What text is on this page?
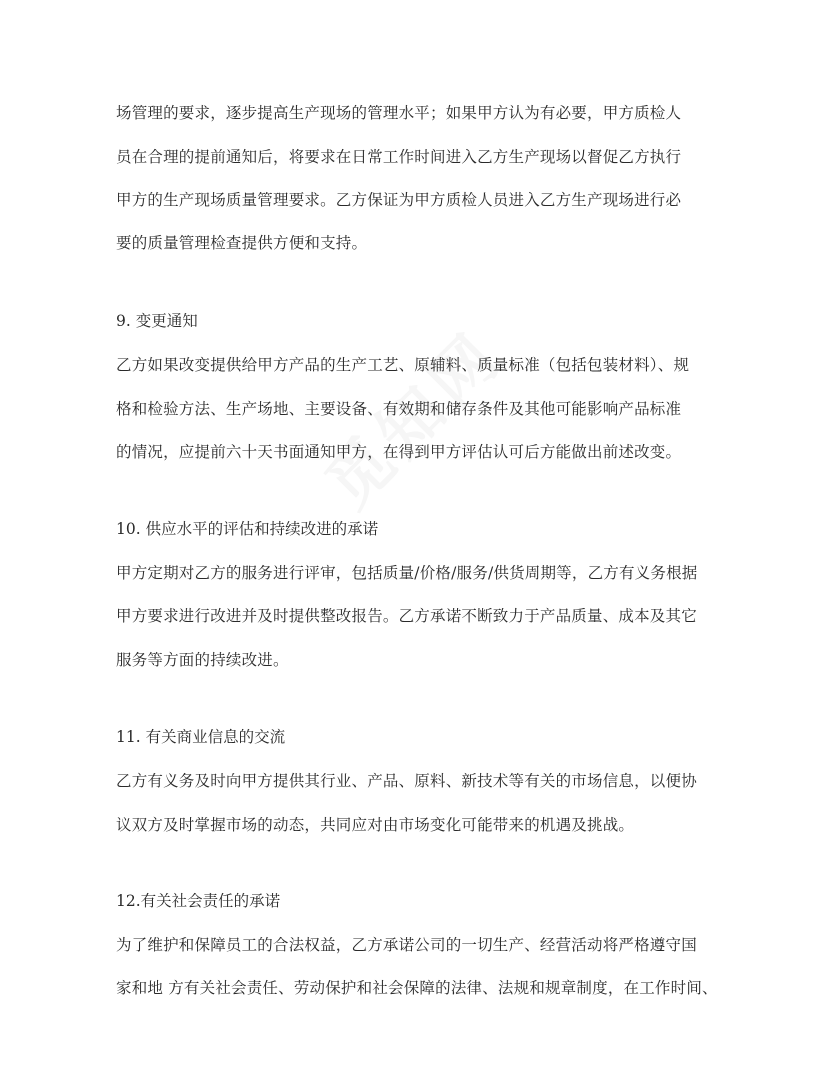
场管理的要求，逐步提高生产现场的管理水平；如果甲方认为有必要，甲方质检人
员在合理的提前通知后，将要求在日常工作时间进入乙方生产现场以督促乙方执行
甲方的生产现场质量管理要求。乙方保证为甲方质检人员进入乙方生产现场进行必
要的质量管理检查提供方便和支持。
9. 变更通知
乙方如果改变提供给甲方产品的生产工艺、原辅料、质量标准（包括包装材料）、规
格和检验方法、生产场地、主要设备、有效期和储存条件及其他可能影响产品标准
的情况，应提前六十天书面通知甲方，在得到甲方评估认可后方能做出前述改变。
10. 供应水平的评估和持续改进的承诺
甲方定期对乙方的服务进行评审，包括质量/价格/服务/供货周期等，乙方有义务根据
甲方要求进行改进并及时提供整改报告。乙方承诺不断致力于产品质量、成本及其它
服务等方面的持续改进。
11. 有关商业信息的交流
乙方有义务及时向甲方提供其行业、产品、原料、新技术等有关的市场信息，以便协
议双方及时掌握市场的动态，共同应对由市场变化可能带来的机遇及挑战。
12.有关社会责任的承诺
为了维护和保障员工的合法权益，乙方承诺公司的一切生产、经营活动将严格遵守国
家和地 方有关社会责任、劳动保护和社会保障的法律、法规和规章制度，在工作时间、
